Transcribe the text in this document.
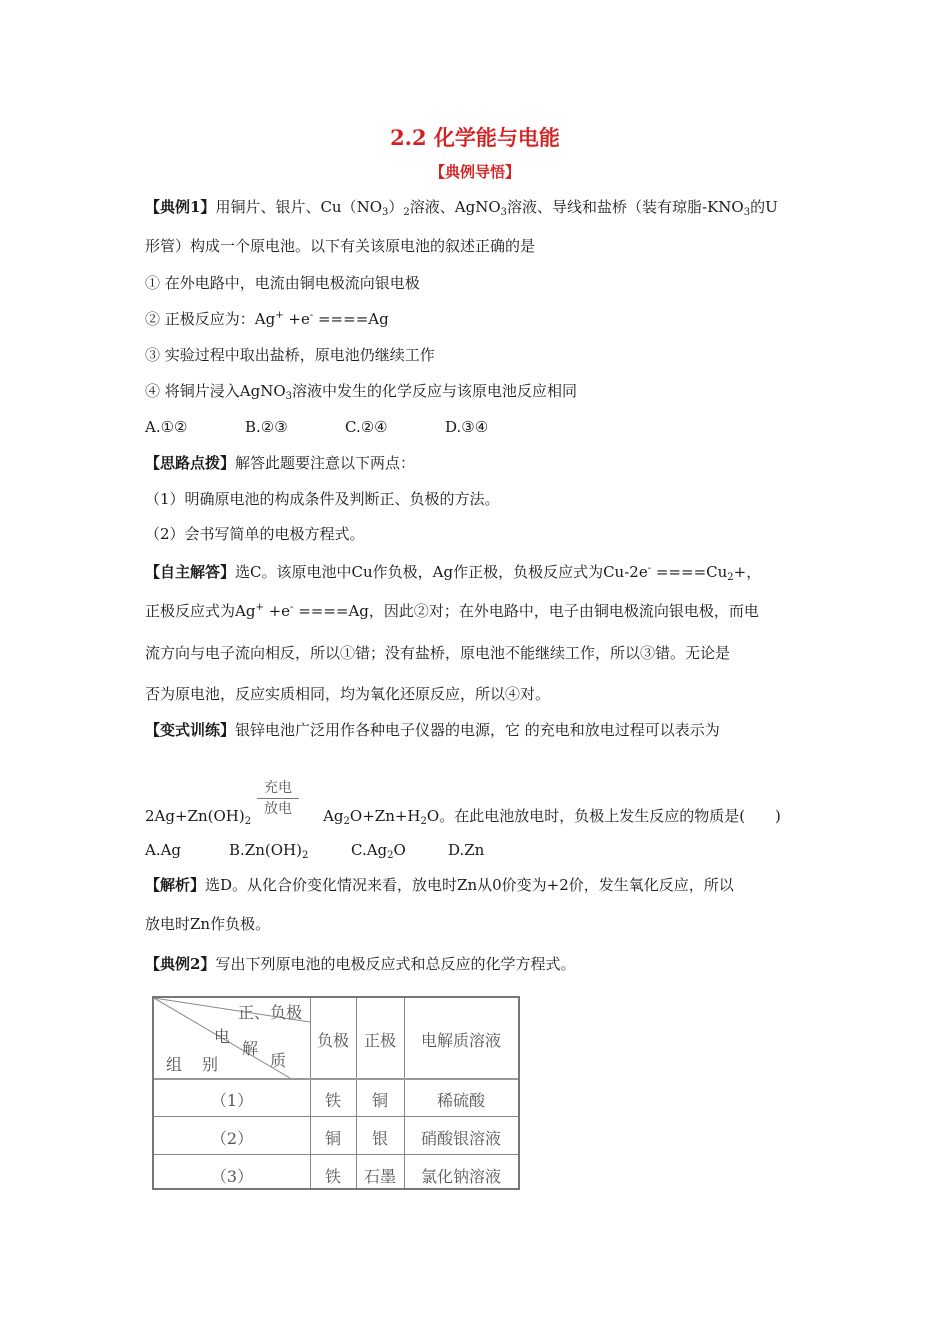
2.2 化学能与电能
【典例导悟】
【典例1】用铜片、银片、$Cu(NO_3)_2$溶液、AgNO$_3$溶液、导线和盐桥（装有琼脂$-KNO_3$的U
形管）构成一个原电池。以下有关该原电池的叙述正确的是
① 在外电路中，电流由铜电极流向银电极
② 正极反应为：Ag+ +e- ====Ag
③ 实验过程中取出盐桥，原电池仍继续工作
④ 将铜片浸入AgNO$_3$溶液中发生的化学反应与该原电池反应相同
A.①②	B.②③	C.②④	D.③④
【思路点拨】解答此题要注意以下两点：
（1）明确原电池的构成条件及判断正、负极的方法。
（2）会书写简单的电极方程式。
【自主解答】选C。该原电池中Cu作负极，Ag作正极，负极反应式为$Cu-2e^- ====Cu_2+$，
正极反应式为Ag+ +e- ====Ag，因此②对；在外电路中，电子由铜电极流向银电极，而电
流方向与电子流向相反，所以①错；没有盐桥，原电池不能继续工作，所以③错。无论是
否为原电池，反应实质相同，均为氧化还原反应，所以④对。
【变式训练】银锌电池广泛用作各种电子仪器的电源，它 的充电和放电过程可以表示为
充电
放电
$2Ag+Zn(OH)_2$	$Ag_2O+Zn+H_2O$。在此电池放电时，负极上发生反应的物质是(　　)
A.Ag	$B.Zn(OH)_2$	$C.Ag_2O$	D.Zn
【解析】选D。从化合价变化情况来看，放电时Zn从0价变为+2价，发生氧化反应，所以
放电时Zn作负极。
【典例2】写出下列原电池的电极反应式和总反应的化学方程式。
正、负极
电
解
质
组 别
负极 正极	电解质溶液
（1）	铁	铜	稀硫酸
（2）	铜	银	硝酸银溶液
（3）	铁	石墨	氯化钠溶液
